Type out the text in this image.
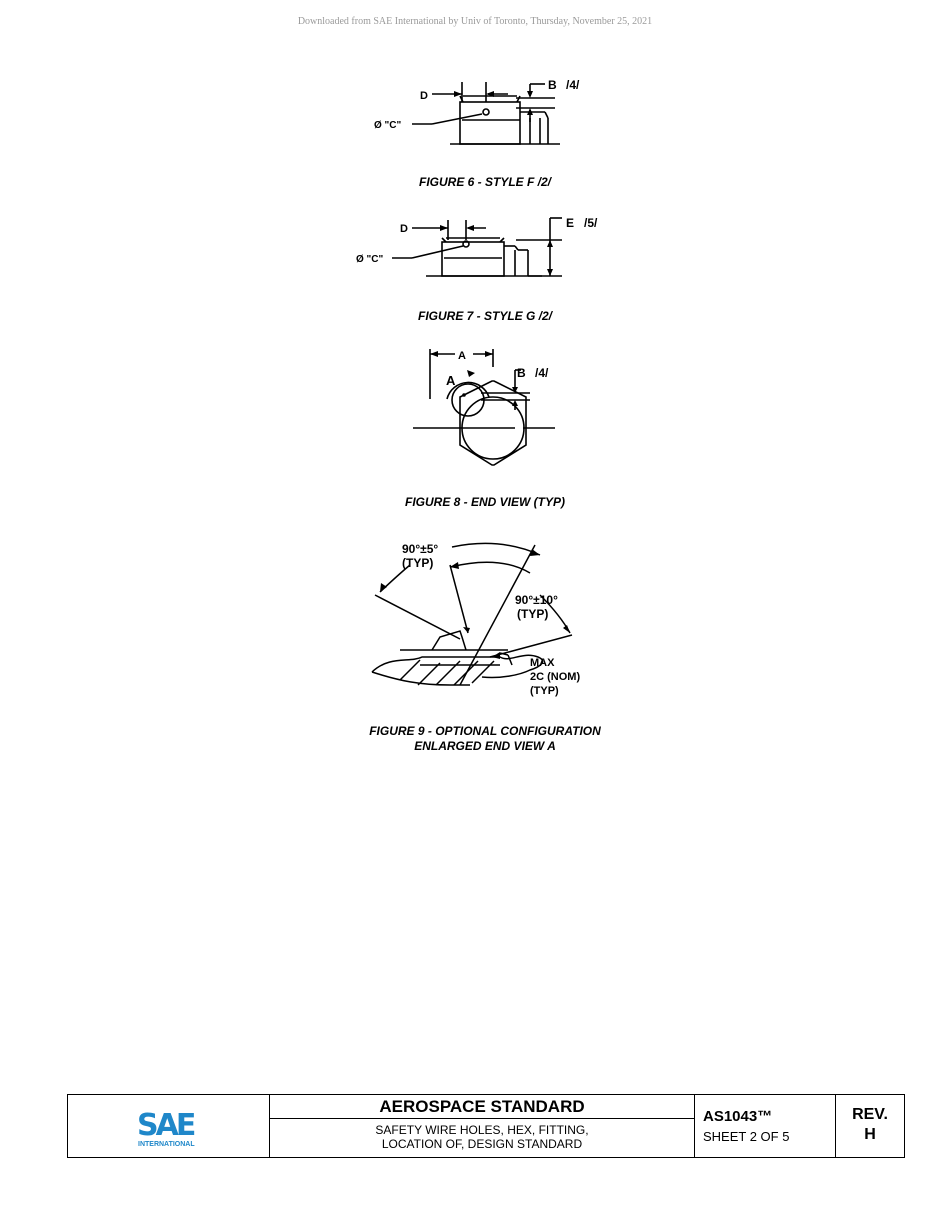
Downloaded from SAE International by Univ of Toronto, Thursday, November 25, 2021
D
B /4/
Ø "C"
FIGURE 6 - STYLE F /2/
D	E /5/
Ø "C"
FIGURE 7 - STYLE G /2/
A
A	B /4/
FIGURE 8 - END VIEW (TYP)
90°±5°
(TYP)
90°±10°
(TYP)
MAX
2C (NOM)
(TYP)
FIGURE 9 - OPTIONAL CONFIGURATION
ENLARGED END VIEW A
SAE
INTERNATIONAL
AEROSPACE STANDARD
SAFETY WIRE HOLES, HEX, FITTING,
LOCATION OF, DESIGN STANDARD
AS1043™
SHEET 2 OF 5
REV.
H
